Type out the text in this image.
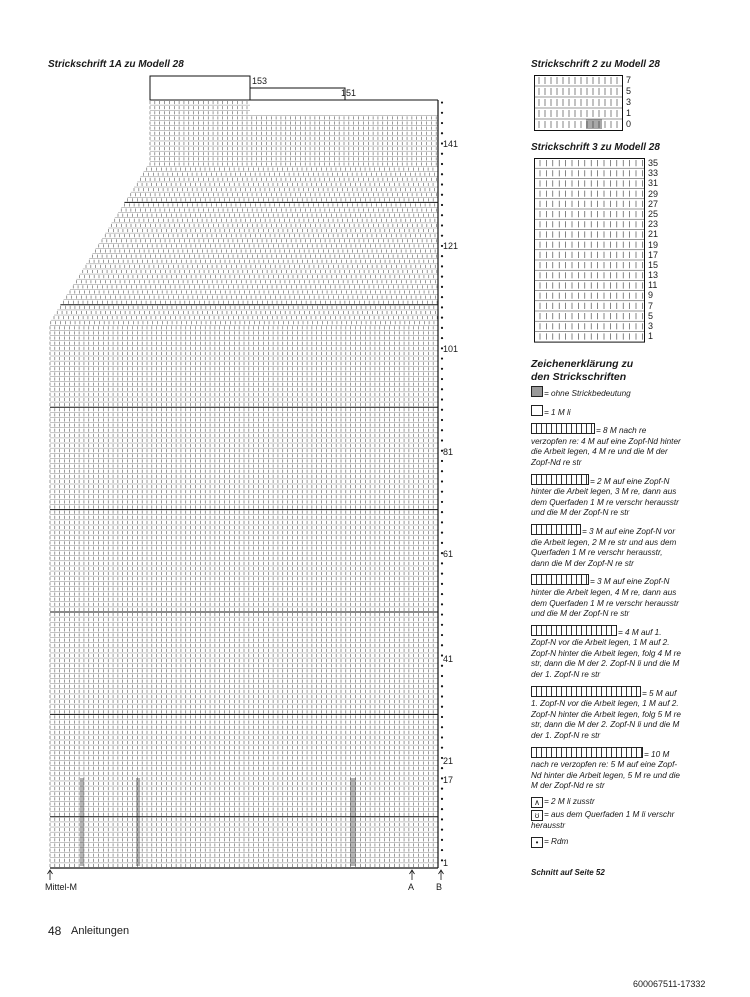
Strickschrift 1A zu Modell 28
153
151
141
121
101
81
61
41
21
17
1
Mittel-M	A B
Strickschrift 2 zu Modell 28
7
5
3
1
0
Strickschrift 3 zu Modell 28
35
33
31
29
27
25
23
21
19
17
15
13
11
9
7
5
3
1
Zeichenerklärung zu
den Strickschriften
= ohne Strickbedeutung
= 1 M li
= 8 M nach re verzopfen re: 4 M auf eine Zopf-Nd hinter die Arbeit legen, 4 M re und die M der Zopf-Nd re str
= 2 M auf eine Zopf-N hinter die Arbeit legen, 3 M re, dann aus dem Querfaden 1 M re verschr herausstr und die M der Zopf-N re str
= 3 M auf eine Zopf-N vor die Arbeit legen, 2 M re str und aus dem Querfaden 1 M re verschr herausstr, dann die M der Zopf-N re str
= 3 M auf eine Zopf-N hinter die Arbeit legen, 4 M re, dann aus dem Querfaden 1 M re verschr herausstr und die M der Zopf-N re str
= 4 M auf 1. Zopf-N vor die Arbeit legen, 1 M auf 2. Zopf-N hinter die Arbeit legen, folg 4 M re str, dann die M der 2. Zopf-N li und die M der 1. Zopf-N re str
= 5 M auf 1. Zopf-N vor die Arbeit legen, 1 M auf 2. Zopf-N hinter die Arbeit legen, folg 5 M re str, dann die M der 2. Zopf-N li und die M der 1. Zopf-N re str
= 10 M nach re verzopfen re: 5 M auf eine Zopf-Nd hinter die Arbeit legen, 5 M re und die M der Zopf-Nd re str
∧ = 2 M li zusstr
ʊ = aus dem Querfaden 1 M li verschr herausstr
• = Rdm
Schnitt auf Seite 52
48 Anleitungen
600067511-17332
